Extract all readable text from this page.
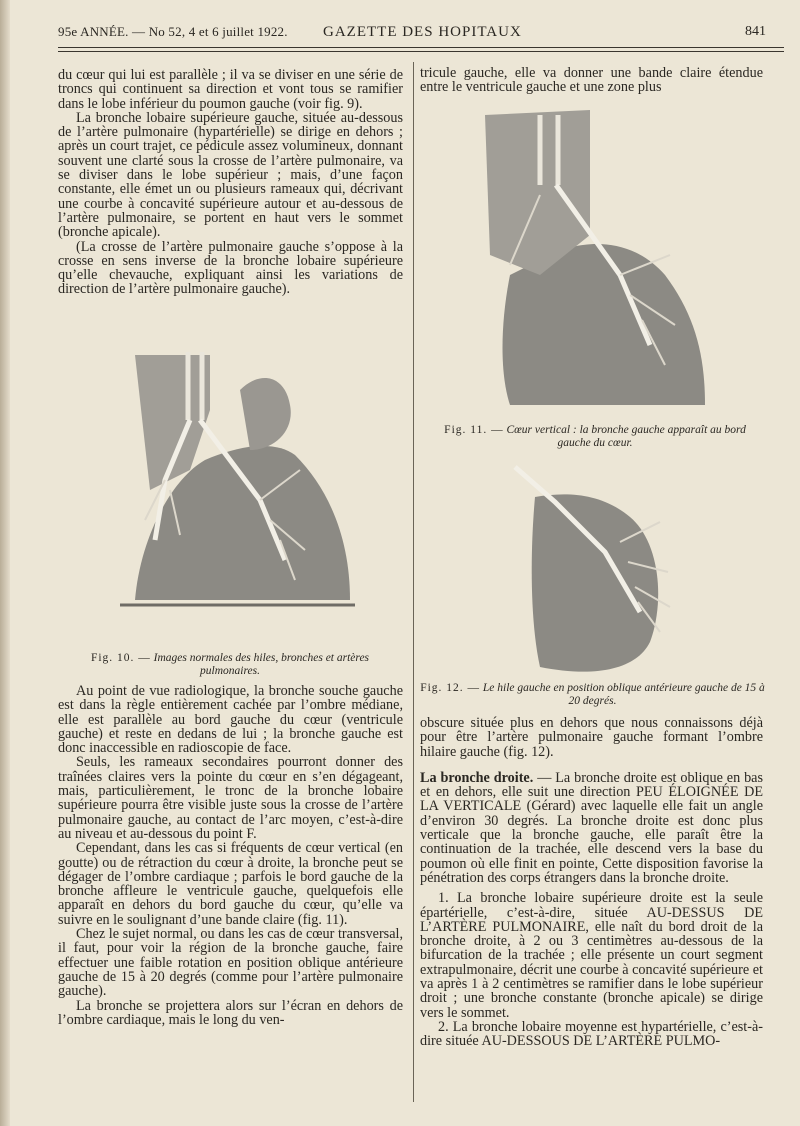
95e ANNÉE. — No 52, 4 et 6 juillet 1922. GAZETTE DES HOPITAUX	841

du cœur qui lui est parallèle ; il va se diviser en une série de troncs qui continuent sa direction et vont tous se ramifier dans le lobe inférieur du poumon gauche (voir fig. 9).

La bronche lobaire supérieure gauche, située au-dessous de l’artère pulmonaire (hypartérielle) se dirige en dehors ; après un court trajet, ce pédicule assez volumineux, donnant souvent une clarté sous la crosse de l’artère pulmonaire, va se diviser dans le lobe supérieur ; mais, d’une façon constante, elle émet un ou plusieurs rameaux qui, décrivant une courbe à concavité supérieure autour et au-dessous de l’artère pulmonaire, se portent en haut vers le sommet (bronche apicale).

(La crosse de l’artère pulmonaire gauche s’oppose à la crosse en sens inverse de la bronche lobaire supérieure qu’elle chevauche, expliquant ainsi les variations de direction de l’artère pulmonaire gauche).

Fig. 10. — Images normales des hiles, bronches et artères pulmonaires.

Au point de vue radiologique, la bronche souche gauche est dans la règle entièrement cachée par l’ombre médiane, elle est parallèle au bord gauche du cœur (ventricule gauche) et reste en dedans de lui ; la bronche gauche est donc inaccessible en radioscopie de face.

Seuls, les rameaux secondaires pourront donner des traînées claires vers la pointe du cœur en s’en dégageant, mais, particulièrement, le tronc de la bronche lobaire supérieure pourra être visible juste sous la crosse de l’artère pulmonaire gauche, au contact de l’arc moyen, c’est-à-dire au niveau et au-dessous du point F.

Cependant, dans les cas si fréquents de cœur vertical (en goutte) ou de rétraction du cœur à droite, la bronche peut se dégager de l’ombre cardiaque ; parfois le bord gauche de la bronche affleure le ventricule gauche, quelquefois elle apparaît en dehors du bord gauche du cœur, qu’elle va suivre en le soulignant d’une bande claire (fig. 11).

Chez le sujet normal, ou dans les cas de cœur transversal, il faut, pour voir la région de la bronche gauche, faire effectuer une faible rotation en position oblique antérieure gauche de 15 à 20 degrés (comme pour l’artère pulmonaire gauche).

La bronche se projettera alors sur l’écran en dehors de l’ombre cardiaque, mais le long du ven-

tricule gauche, elle va donner une bande claire étendue entre le ventricule gauche et une zone plus

Fig. 11. — Cœur vertical : la bronche gauche apparaît au bord gauche du cœur.
Fig. 12. — Le hile gauche en position oblique antérieure gauche de 15 à 20 degrés.

obscure située plus en dehors que nous connaissons déjà pour être l’artère pulmonaire gauche formant l’ombre hilaire gauche (fig. 12).

La bronche droite. — La bronche droite est oblique en bas et en dehors, elle suit une direction PEU ÉLOIGNÉE DE LA VERTICALE (Gérard) avec laquelle elle fait un angle d’environ 30 degrés. La bronche droite est donc plus verticale que la bronche gauche, elle paraît être la continuation de la trachée, elle descend vers la base du poumon où elle finit en pointe, Cette disposition favorise la pénétration des corps étrangers dans la bronche droite.

1. La bronche lobaire supérieure droite est la seule épartérielle, c’est-à-dire, située AU-DESSUS DE L’ARTÈRE PULMONAIRE, elle naît du bord droit de la bronche droite, à 2 ou 3 centimètres au-dessous de la bifurcation de la trachée ; elle présente un court segment extrapulmonaire, décrit une courbe à concavité supérieure et va après 1 à 2 centimètres se ramifier dans le lobe supérieur droit ; une bronche constante (bronche apicale) se dirige vers le sommet.

2. La bronche lobaire moyenne est hypartérielle, c’est-à-dire située AU-DESSOUS DE L’ARTÈRE PULMO-
